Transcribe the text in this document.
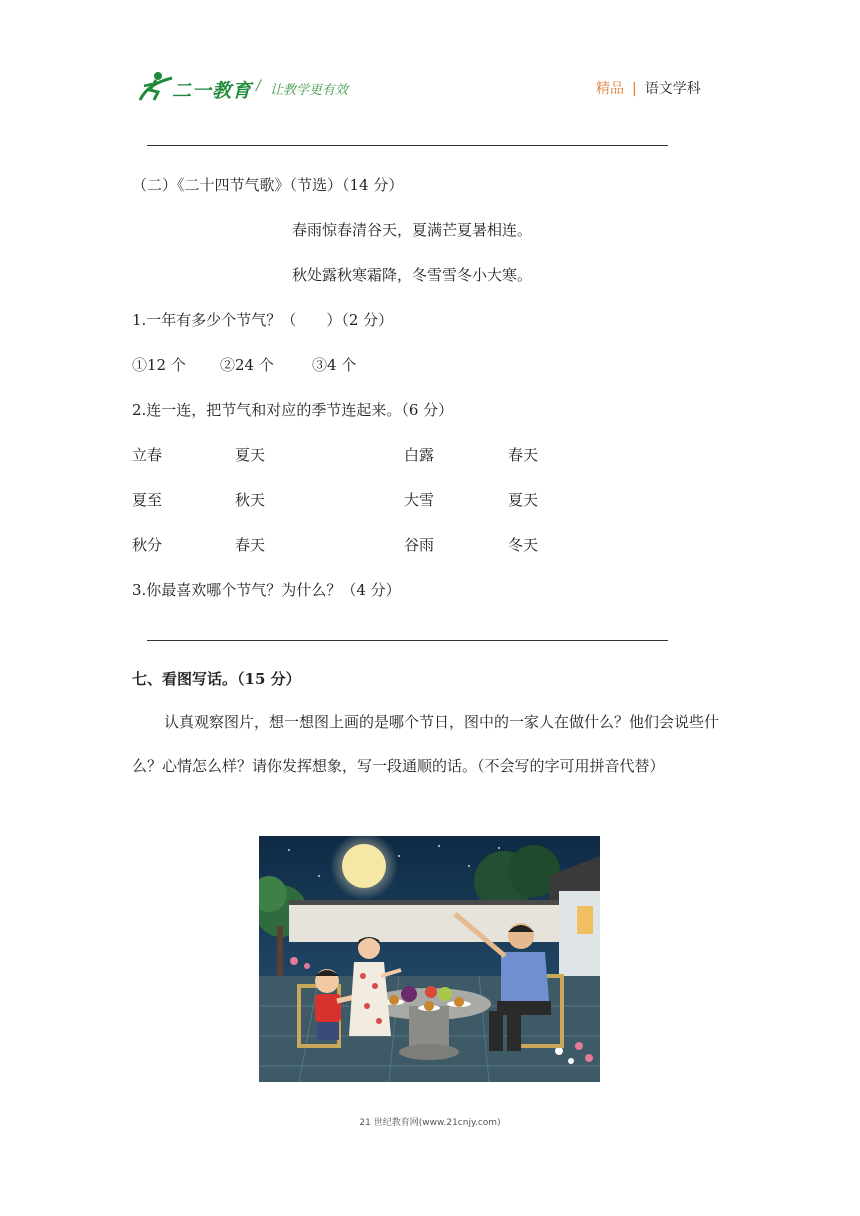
二一教育 / 让教学更有效	精品 | 语文学科
（二）《二十四节气歌》（节选）（14 分）
春雨惊春清谷天，夏满芒夏暑相连。
秋处露秋寒霜降，冬雪雪冬小大寒。
1.一年有多少个节气？（　　）（2 分）
①12 个 ②24 个	③4 个
2.连一连，把节气和对应的季节连起来。（6 分）
立春	夏天	白露	春天
夏至	秋天	大雪	夏天
秋分	春天	谷雨	冬天
3.你最喜欢哪个节气？为什么？（4 分）
七、看图写话。（15 分）
认真观察图片，想一想图上画的是哪个节日，图中的一家人在做什么？他们会说些什么？心情怎么样？请你发挥想象，写一段通顺的话。（不会写的字可用拼音代替）
21 世纪教育网(www.21cnjy.com)
